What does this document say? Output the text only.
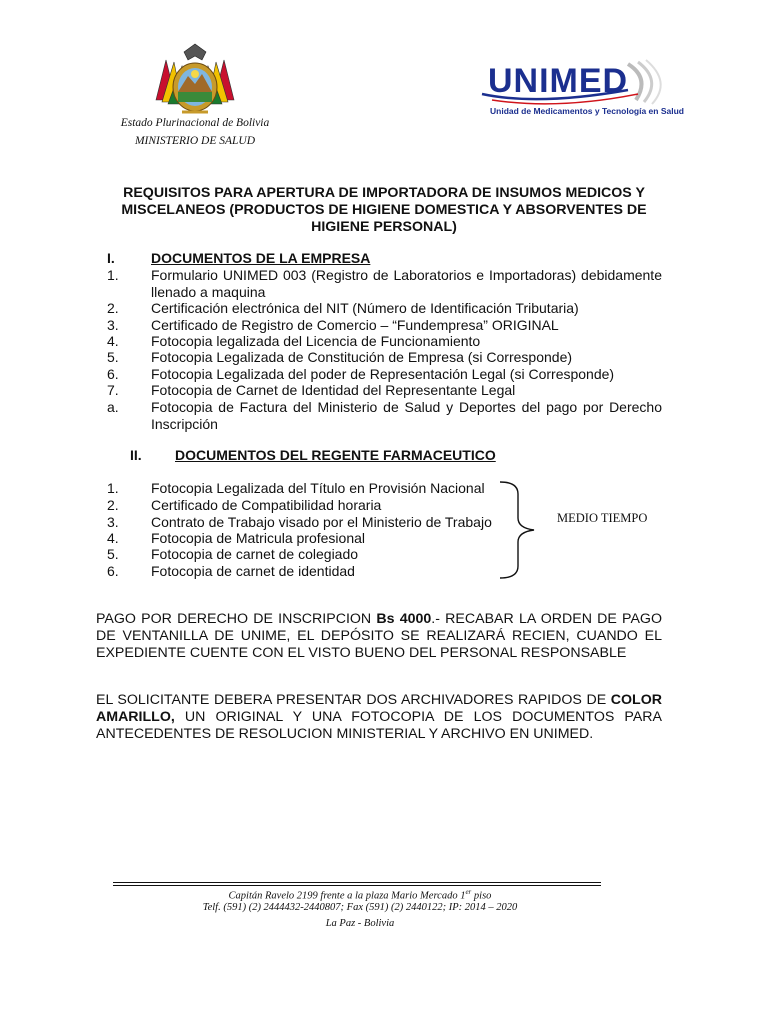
Estado Plurinacional de Bolivia
MINISTERIO DE SALUD
UNIMED
Unidad de Medicamentos y Tecnología en Salud
REQUISITOS PARA APERTURA DE IMPORTADORA DE INSUMOS MEDICOS Y
MISCELANEOS (PRODUCTOS DE HIGIENE DOMESTICA Y ABSORVENTES DE
HIGIENE PERSONAL)
I.	DOCUMENTOS DE LA EMPRESA
1. Formulario UNIMED 003 (Registro de Laboratorios e Importadoras) debidamente llenado a maquina
2. Certificación electrónica del NIT (Número de Identificación Tributaria)
3. Certificado de Registro de Comercio – “Fundempresa” ORIGINAL
4. Fotocopia legalizada del Licencia de Funcionamiento
5. Fotocopia Legalizada de Constitución de Empresa (si Corresponde)
6. Fotocopia Legalizada del poder de Representación Legal (si Corresponde)
7. Fotocopia de Carnet de Identidad del Representante Legal
a. Fotocopia de Factura del Ministerio de Salud y Deportes del pago por Derecho Inscripción
II. DOCUMENTOS DEL REGENTE FARMACEUTICO
1. Fotocopia Legalizada del Título en Provisión Nacional
2. Certificado de Compatibilidad horaria
3. Contrato de Trabajo visado por el Ministerio de Trabajo
4. Fotocopia de Matricula profesional
5. Fotocopia de carnet de colegiado
6. Fotocopia de carnet de identidad
MEDIO TIEMPO
PAGO POR DERECHO DE INSCRIPCION Bs 4000.- RECABAR LA ORDEN DE PAGO DE VENTANILLA DE UNIME, EL DEPÓSITO SE REALIZARÁ RECIEN, CUANDO EL EXPEDIENTE CUENTE CON EL VISTO BUENO DEL PERSONAL RESPONSABLE
EL SOLICITANTE DEBERA PRESENTAR DOS ARCHIVADORES RAPIDOS DE COLOR AMARILLO, UN ORIGINAL Y UNA FOTOCOPIA DE LOS DOCUMENTOS PARA ANTECEDENTES DE RESOLUCION MINISTERIAL Y ARCHIVO EN UNIMED.
Capitán Ravelo 2199 frente a la plaza Mario Mercado 1er piso
Telf. (591) (2) 2444432-2440807; Fax (591) (2) 2440122; IP: 2014 – 2020
La Paz - Bolivia
